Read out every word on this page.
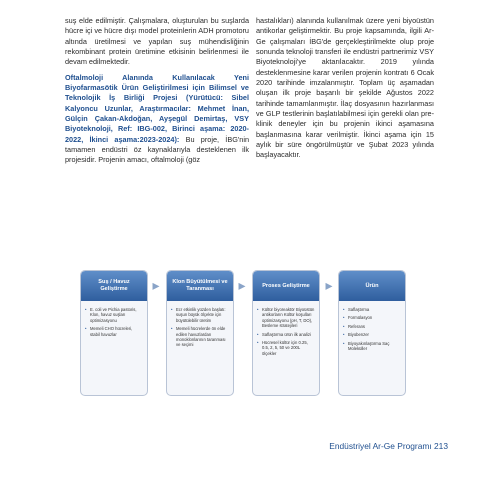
suş elde edilmiştir. Çalışmalara, oluşturulan bu suşlarda hücre içi ve hücre dışı model proteinlerin ADH promotoru altında üretilmesi ve yapılan suş mühendisliğinin rekombinant protein üretimine etkisinin belirlenmesi ile devam edilmektedir.

Oftalmoloji Alanında Kullanılacak Yeni Biyofarmasötik Ürün Geliştirilmesi için Bilimsel ve Teknolojik İş Birliği Projesi (Yürütücü: Sibel Kalyoncu Uzunlar, Araştırmacılar: Mehmet İnan, Gülçin Çakan-Akdoğan, Ayşegül Demirtaş, VSY Biyoteknoloji, Ref: IBG-002, Birinci aşama: 2020-2022, İkinci aşama:2023-2024): Bu proje, İBG'nin tamamen endüstri öz kaynaklarıyla desteklenen ilk projesidir. Projenin amacı, oftalmoloji (göz

hastalıkları) alanında kullanılmak üzere yeni biyoüstün antikorlar geliştirmektir. Bu proje kapsamında, ilgili Ar-Ge çalışmaları İBG'de gerçekleştirilmekte olup proje sonunda teknoloji transferi ile endüstri partnerimiz VSY Biyoteknoloji'ye aktarılacaktır. 2019 yılında desteklenmesine karar verilen projenin kontratı 6 Ocak 2020 tarihinde imzalanmıştır. Toplam üç aşamadan oluşan ilk proje başarılı bir şekilde Ağustos 2022 tarihinde tamamlanmıştır. İlaç dosyasının hazırlanması ve GLP testlerinin başlatılabilmesi için gerekli olan pre-klinik deneyler için bu projenin ikinci aşamasına başlanmasına karar verilmiştir. İkinci aşama için 15 aylık bir süre öngörülmüştür ve Şubat 2023 yılında başlayacaktır.

Suş / Havuz Geliştirme
• E. coli ve Pichia pastoris, Klon, havuz suşları optimizasyonu
• Memeli CHO hücreleri, stabil havuzlar
▸	Klon Büyütülmesi ve Taranması
• Ecr etkinlik yüzden başlatı: suşun büyük ölçekte için büyütülebilir üretim
• Memeli hücrelerde ön elde edilen havuzlardan monoklonlarının taranması ve seçimi
▸	Proses Geliştirme
• Kültür biyoreaktör Biyoüstün antikorların Kültür koşulları optimizasyonu (pH, T, DO), Besleme stratejileri
• Saflaştırma ürün ilk analizi
• Hücresel kültür için 0.25, 0.5, 2, 5, 50 ve 200L ölçekler
▸	Ürün
• Saflaştırma
• Formülasyon
• Referans
• Biyobenzer
• Biyoyakınlaştırma Saç Moleküller
Endüstriyel Ar-Ge Programı 213
